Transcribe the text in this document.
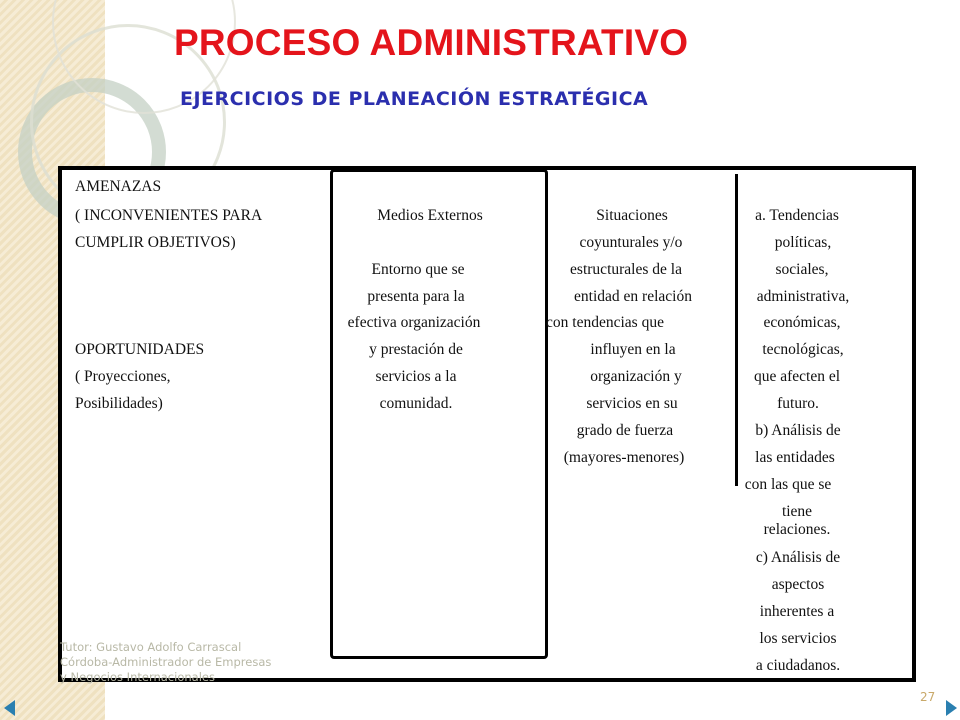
PROCESO ADMINISTRATIVO
EJERCICIOS DE PLANEACIÓN ESTRATÉGICA
AMENAZAS
( INCONVENIENTES PARA
CUMPLIR OBJETIVOS)
OPORTUNIDADES
( Proyecciones,
Posibilidades)
Medios Externos
Entorno que se
presenta para la
efectiva organización
y prestación de
servicios a la
comunidad.
Situaciones
coyunturales y/o
estructurales de la
entidad en relación
con tendencias que
influyen en la
organización y
servicios en su
grado de fuerza
(mayores-menores)
a. Tendencias
políticas,
sociales,
administrativa,
económicas,
tecnológicas,
que afecten el
futuro.
b) Análisis de
las entidades
con las que se
tiene
relaciones.
c) Análisis de
aspectos
inherentes a
los servicios
a ciudadanos.
Tutor: Gustavo Adolfo Carrascal
Córdoba-Administrador de Empresas
y Negocios Internacionales
27
